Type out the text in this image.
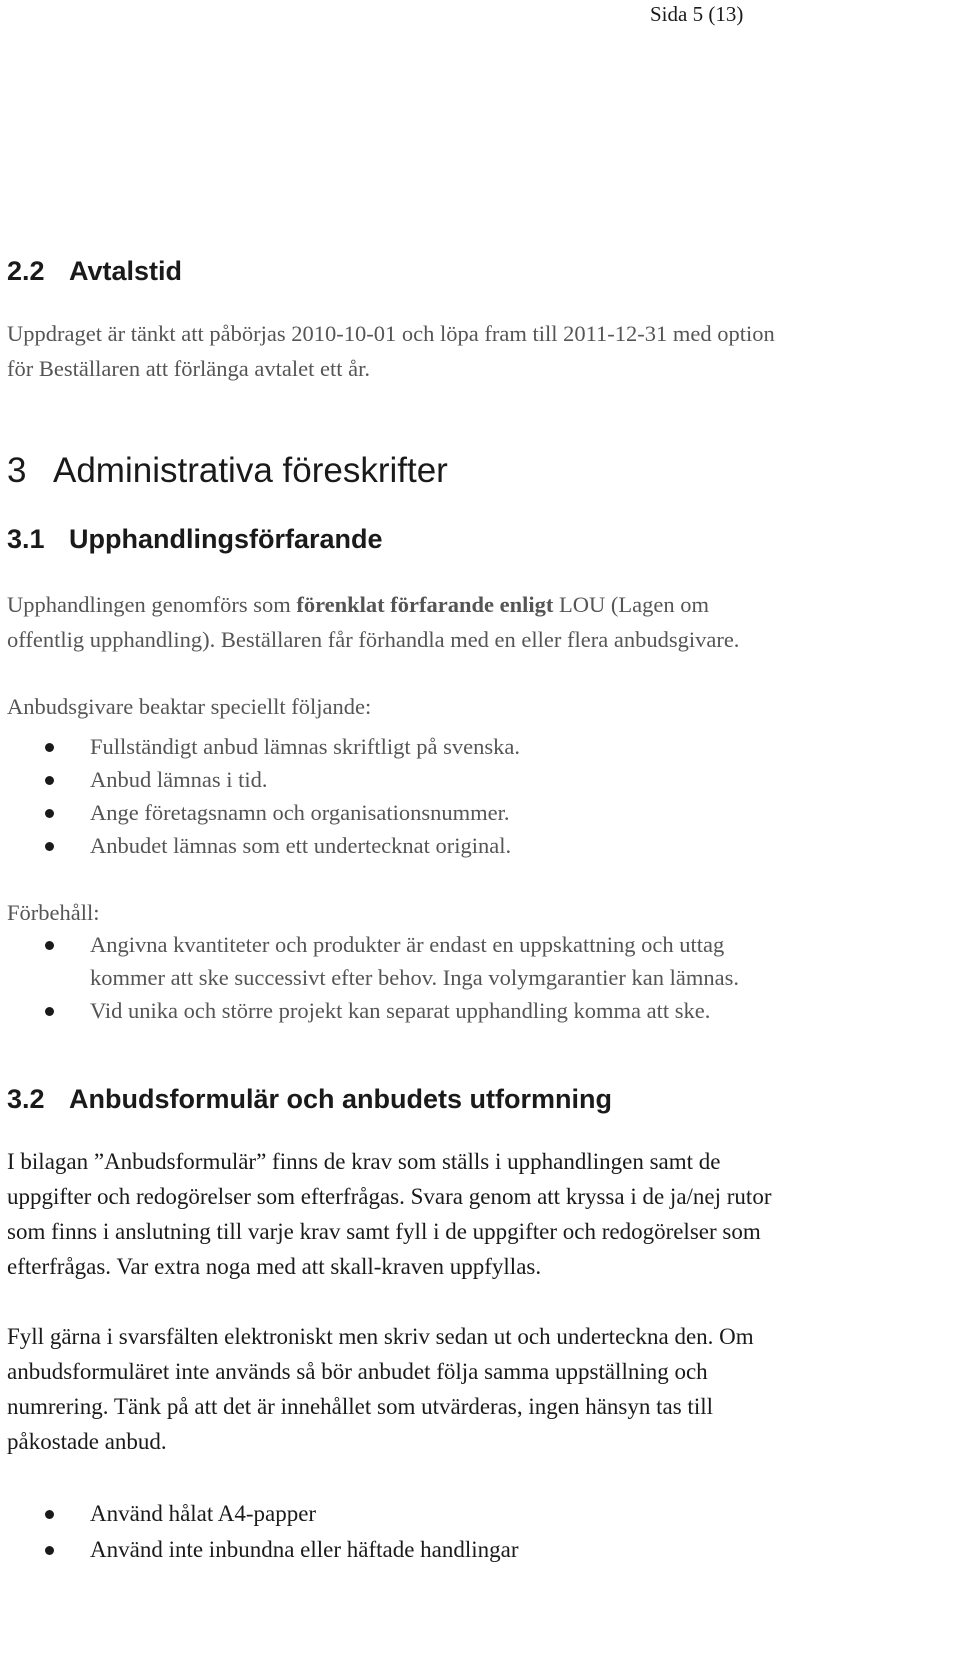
Sida 5 (13)
2.2 Avtalstid
Uppdraget är tänkt att påbörjas 2010-10-01 och löpa fram till 2011-12-31 med option
för Beställaren att förlänga avtalet ett år.
3 Administrativa föreskrifter
3.1 Upphandlingsförfarande
Upphandlingen genomförs som förenklat förfarande enligt LOU (Lagen om
offentlig upphandling). Beställaren får förhandla med en eller flera anbudsgivare.
Anbudsgivare beaktar speciellt följande:
Fullständigt anbud lämnas skriftligt på svenska.
Anbud lämnas i tid.
Ange företagsnamn och organisationsnummer.
Anbudet lämnas som ett undertecknat original.
Förbehåll:
Angivna kvantiteter och produkter är endast en uppskattning och uttag
kommer att ske successivt efter behov. Inga volymgarantier kan lämnas.
Vid unika och större projekt kan separat upphandling komma att ske.
3.2 Anbudsformulär och anbudets utformning
I bilagan ”Anbudsformulär” finns de krav som ställs i upphandlingen samt de
uppgifter och redogörelser som efterfrågas. Svara genom att kryssa i de ja/nej rutor
som finns i anslutning till varje krav samt fyll i de uppgifter och redogörelser som
efterfrågas. Var extra noga med att skall-kraven uppfyllas.
Fyll gärna i svarsfälten elektroniskt men skriv sedan ut och underteckna den. Om
anbudsformuläret inte används så bör anbudet följa samma uppställning och
numrering. Tänk på att det är innehållet som utvärderas, ingen hänsyn tas till
påkostade anbud.
Använd hålat A4-papper
Använd inte inbundna eller häftade handlingar
